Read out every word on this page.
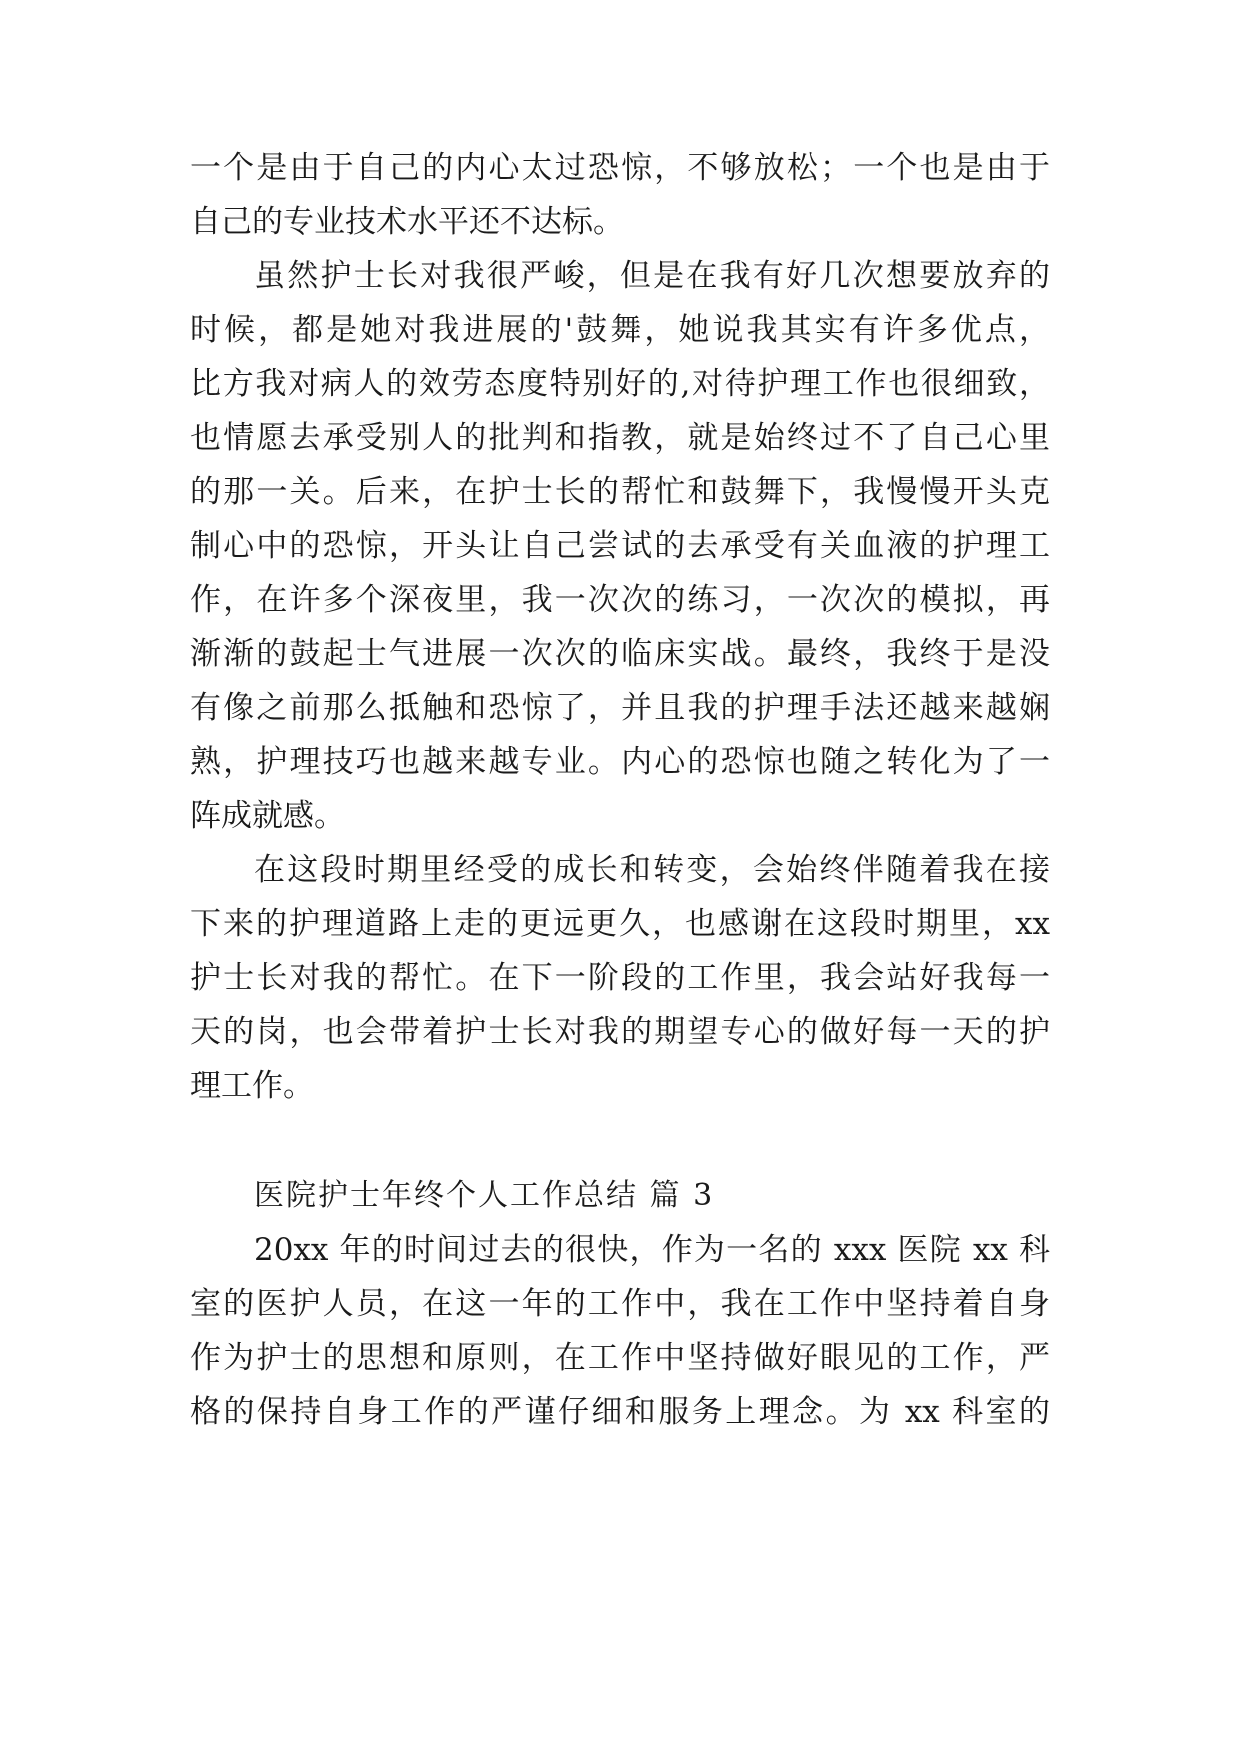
一个是由于自己的内心太过恐惊，不够放松；一个也是由于
自己的专业技术水平还不达标。
虽然护士长对我很严峻，但是在我有好几次想要放弃的
时候，都是她对我进展的'鼓舞，她说我其实有许多优点，
比方我对病人的效劳态度特别好的,对待护理工作也很细致，
也情愿去承受别人的批判和指教，就是始终过不了自己心里
的那一关。后来，在护士长的帮忙和鼓舞下，我慢慢开头克
制心中的恐惊，开头让自己尝试的去承受有关血液的护理工
作，在许多个深夜里，我一次次的练习，一次次的模拟，再
渐渐的鼓起士气进展一次次的临床实战。最终，我终于是没
有像之前那么抵触和恐惊了，并且我的护理手法还越来越娴
熟，护理技巧也越来越专业。内心的恐惊也随之转化为了一
阵成就感。
在这段时期里经受的成长和转变，会始终伴随着我在接
下来的护理道路上走的更远更久，也感谢在这段时期里，xx
护士长对我的帮忙。在下一阶段的工作里，我会站好我每一
天的岗，也会带着护士长对我的期望专心的做好每一天的护
理工作。
医院护士年终个人工作总结 篇 3
20xx 年的时间过去的很快，作为一名的 xxx 医院 xx 科
室的医护人员，在这一年的工作中，我在工作中坚持着自身
作为护士的思想和原则，在工作中坚持做好眼见的工作，严
格的保持自身工作的严谨仔细和服务上理念。为 xx 科室的
